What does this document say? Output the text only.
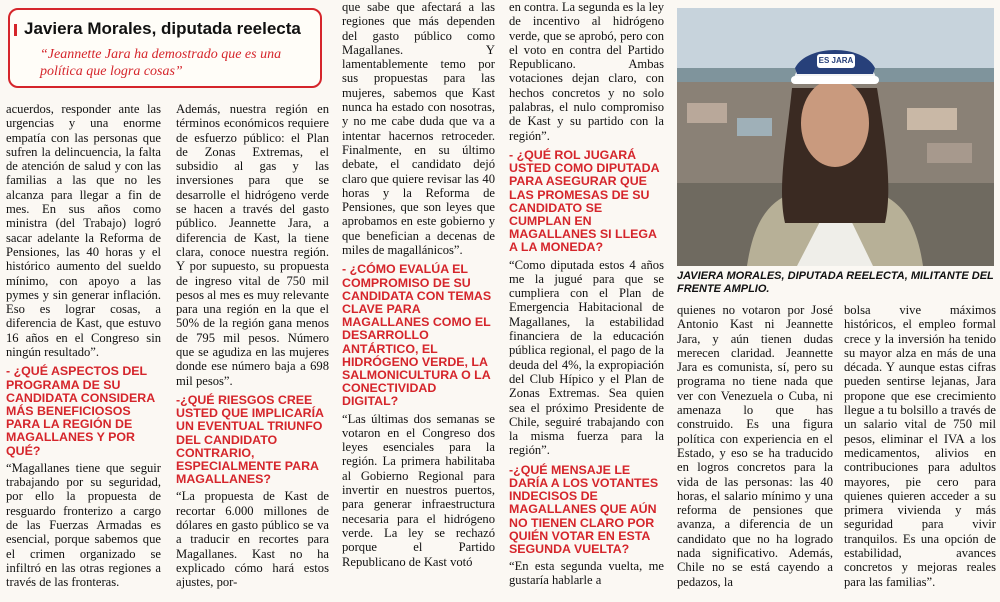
Javiera Morales, diputada reelecta
“Jeannette Jara ha demostrado que es una política que logra cosas”

acuerdos, responder ante las urgencias y una enorme empatía con las personas que sufren la delincuencia, la falta de atención de salud y con las familias a las que no les alcanza para llegar a fin de mes. En sus años como ministra (del Trabajo) logró sacar adelante la Reforma de Pensiones, las 40 horas y el histórico aumento del sueldo mínimo, con apoyo a las pymes y sin generar inflación. Eso es lograr cosas, a diferencia de Kast, que estuvo 16 años en el Congreso sin ningún resultado”.

- ¿QUÉ ASPECTOS DEL PROGRAMA DE SU CANDIDATA CONSIDERA MÁS BENEFICIOSOS PARA LA REGIÓN DE MAGALLANES Y POR QUÉ?

“Magallanes tiene que seguir trabajando por su seguridad, por ello la propuesta de resguardo fronterizo a cargo de las Fuerzas Armadas es esencial, porque sabemos que el crimen organizado se infiltró en las otras regiones a través de las fronteras.

Además, nuestra región en términos económicos requiere de esfuerzo público: el Plan de Zonas Extremas, el subsidio al gas y las inversiones para que se desarrolle el hidrógeno verde se hacen a través del gasto público. Jeannette Jara, a diferencia de Kast, la tiene clara, conoce nuestra región. Y por supuesto, su propuesta de ingreso vital de 750 mil pesos al mes es muy relevante para una región en la que el 50% de la región gana menos de 795 mil pesos. Número que se agudiza en las mujeres donde ese número baja a 698 mil pesos”.

-¿QUÉ RIESGOS CREE USTED QUE IMPLICARÍA UN EVENTUAL TRIUNFO DEL CANDIDATO CONTRARIO, ESPECIALMENTE PARA MAGALLANES?

“La propuesta de Kast de recortar 6.000 millones de dólares en gasto público se va a traducir en recortes para Magallanes. Kast no ha explicado cómo hará estos ajustes, por-

que sabe que afectará a las regiones que más dependen del gasto público como Magallanes. Y lamentablemente temo por sus propuestas para las mujeres, sabemos que Kast nunca ha estado con nosotras, y no me cabe duda que va a intentar hacernos retroceder. Finalmente, en su último debate, el candidato dejó claro que quiere revisar las 40 horas y la Reforma de Pensiones, que son leyes que aprobamos en este gobierno y que benefician a decenas de miles de magallánicos”.

- ¿CÓMO EVALÚA EL COMPROMISO DE SU CANDIDATA CON TEMAS CLAVE PARA MAGALLANES COMO EL DESARROLLO ANTÁRTICO, EL HIDRÓGENO VERDE, LA SALMONICULTURA O LA CONECTIVIDAD DIGITAL?

“Las últimas dos semanas se votaron en el Congreso dos leyes esenciales para la región. La primera habilitaba al Gobierno Regional para invertir en nuestros puertos, para generar infraestructura necesaria para el hidrógeno verde. La ley se rechazó porque el Partido Republicano de Kast votó

en contra. La segunda es la ley de incentivo al hidrógeno verde, que se aprobó, pero con el voto en contra del Partido Republicano. Ambas votaciones dejan claro, con hechos concretos y no solo palabras, el nulo compromiso de Kast y su partido con la región”.

- ¿QUÉ ROL JUGARÁ USTED COMO DIPUTADA PARA ASEGURAR QUE LAS PROMESAS DE SU CANDIDATO SE CUMPLAN EN MAGALLANES SI LLEGA A LA MONEDA?

“Como diputada estos 4 años me la jugué para que se cumpliera con el Plan de Emergencia Habitacional de Magallanes, la estabilidad financiera de la educación pública regional, el pago de la deuda del 4%, la expropiación del Club Hípico y el Plan de Zonas Extremas. Sea quien sea el próximo Presidente de Chile, seguiré trabajando con la misma fuerza para la región”.

-¿QUÉ MENSAJE LE DARÍA A LOS VOTANTES INDECISOS DE MAGALLANES QUE AÚN NO TIENEN CLARO POR QUIÉN VOTAR EN ESTA SEGUNDA VUELTA?

“En esta segunda vuelta, me gustaría hablarle a

ES JARA
JAVIERA MORALES, DIPUTADA REELECTA, MILITANTE DEL FRENTE AMPLIO.

quienes no votaron por José Antonio Kast ni Jeannette Jara, y aún tienen dudas merecen claridad. Jeannette Jara es comunista, sí, pero su programa no tiene nada que ver con Venezuela o Cuba, ni amenaza lo que has construido. Es una figura política con experiencia en el Estado, y eso se ha traducido en logros concretos para la vida de las personas: las 40 horas, el salario mínimo y una reforma de pensiones que avanza, a diferencia de un candidato que no ha logrado nada significativo. Además, Chile no se está cayendo a pedazos, la

bolsa vive máximos históricos, el empleo formal crece y la inversión ha tenido su mayor alza en más de una década. Y aunque estas cifras pueden sentirse lejanas, Jara propone que ese crecimiento llegue a tu bolsillo a través de un salario vital de 750 mil pesos, eliminar el IVA a los medicamentos, alivios en contribuciones para adultos mayores, pie cero para quienes quieren acceder a su primera vivienda y más seguridad para vivir tranquilos. Es una opción de estabilidad, avances concretos y mejoras reales para las familias”.
